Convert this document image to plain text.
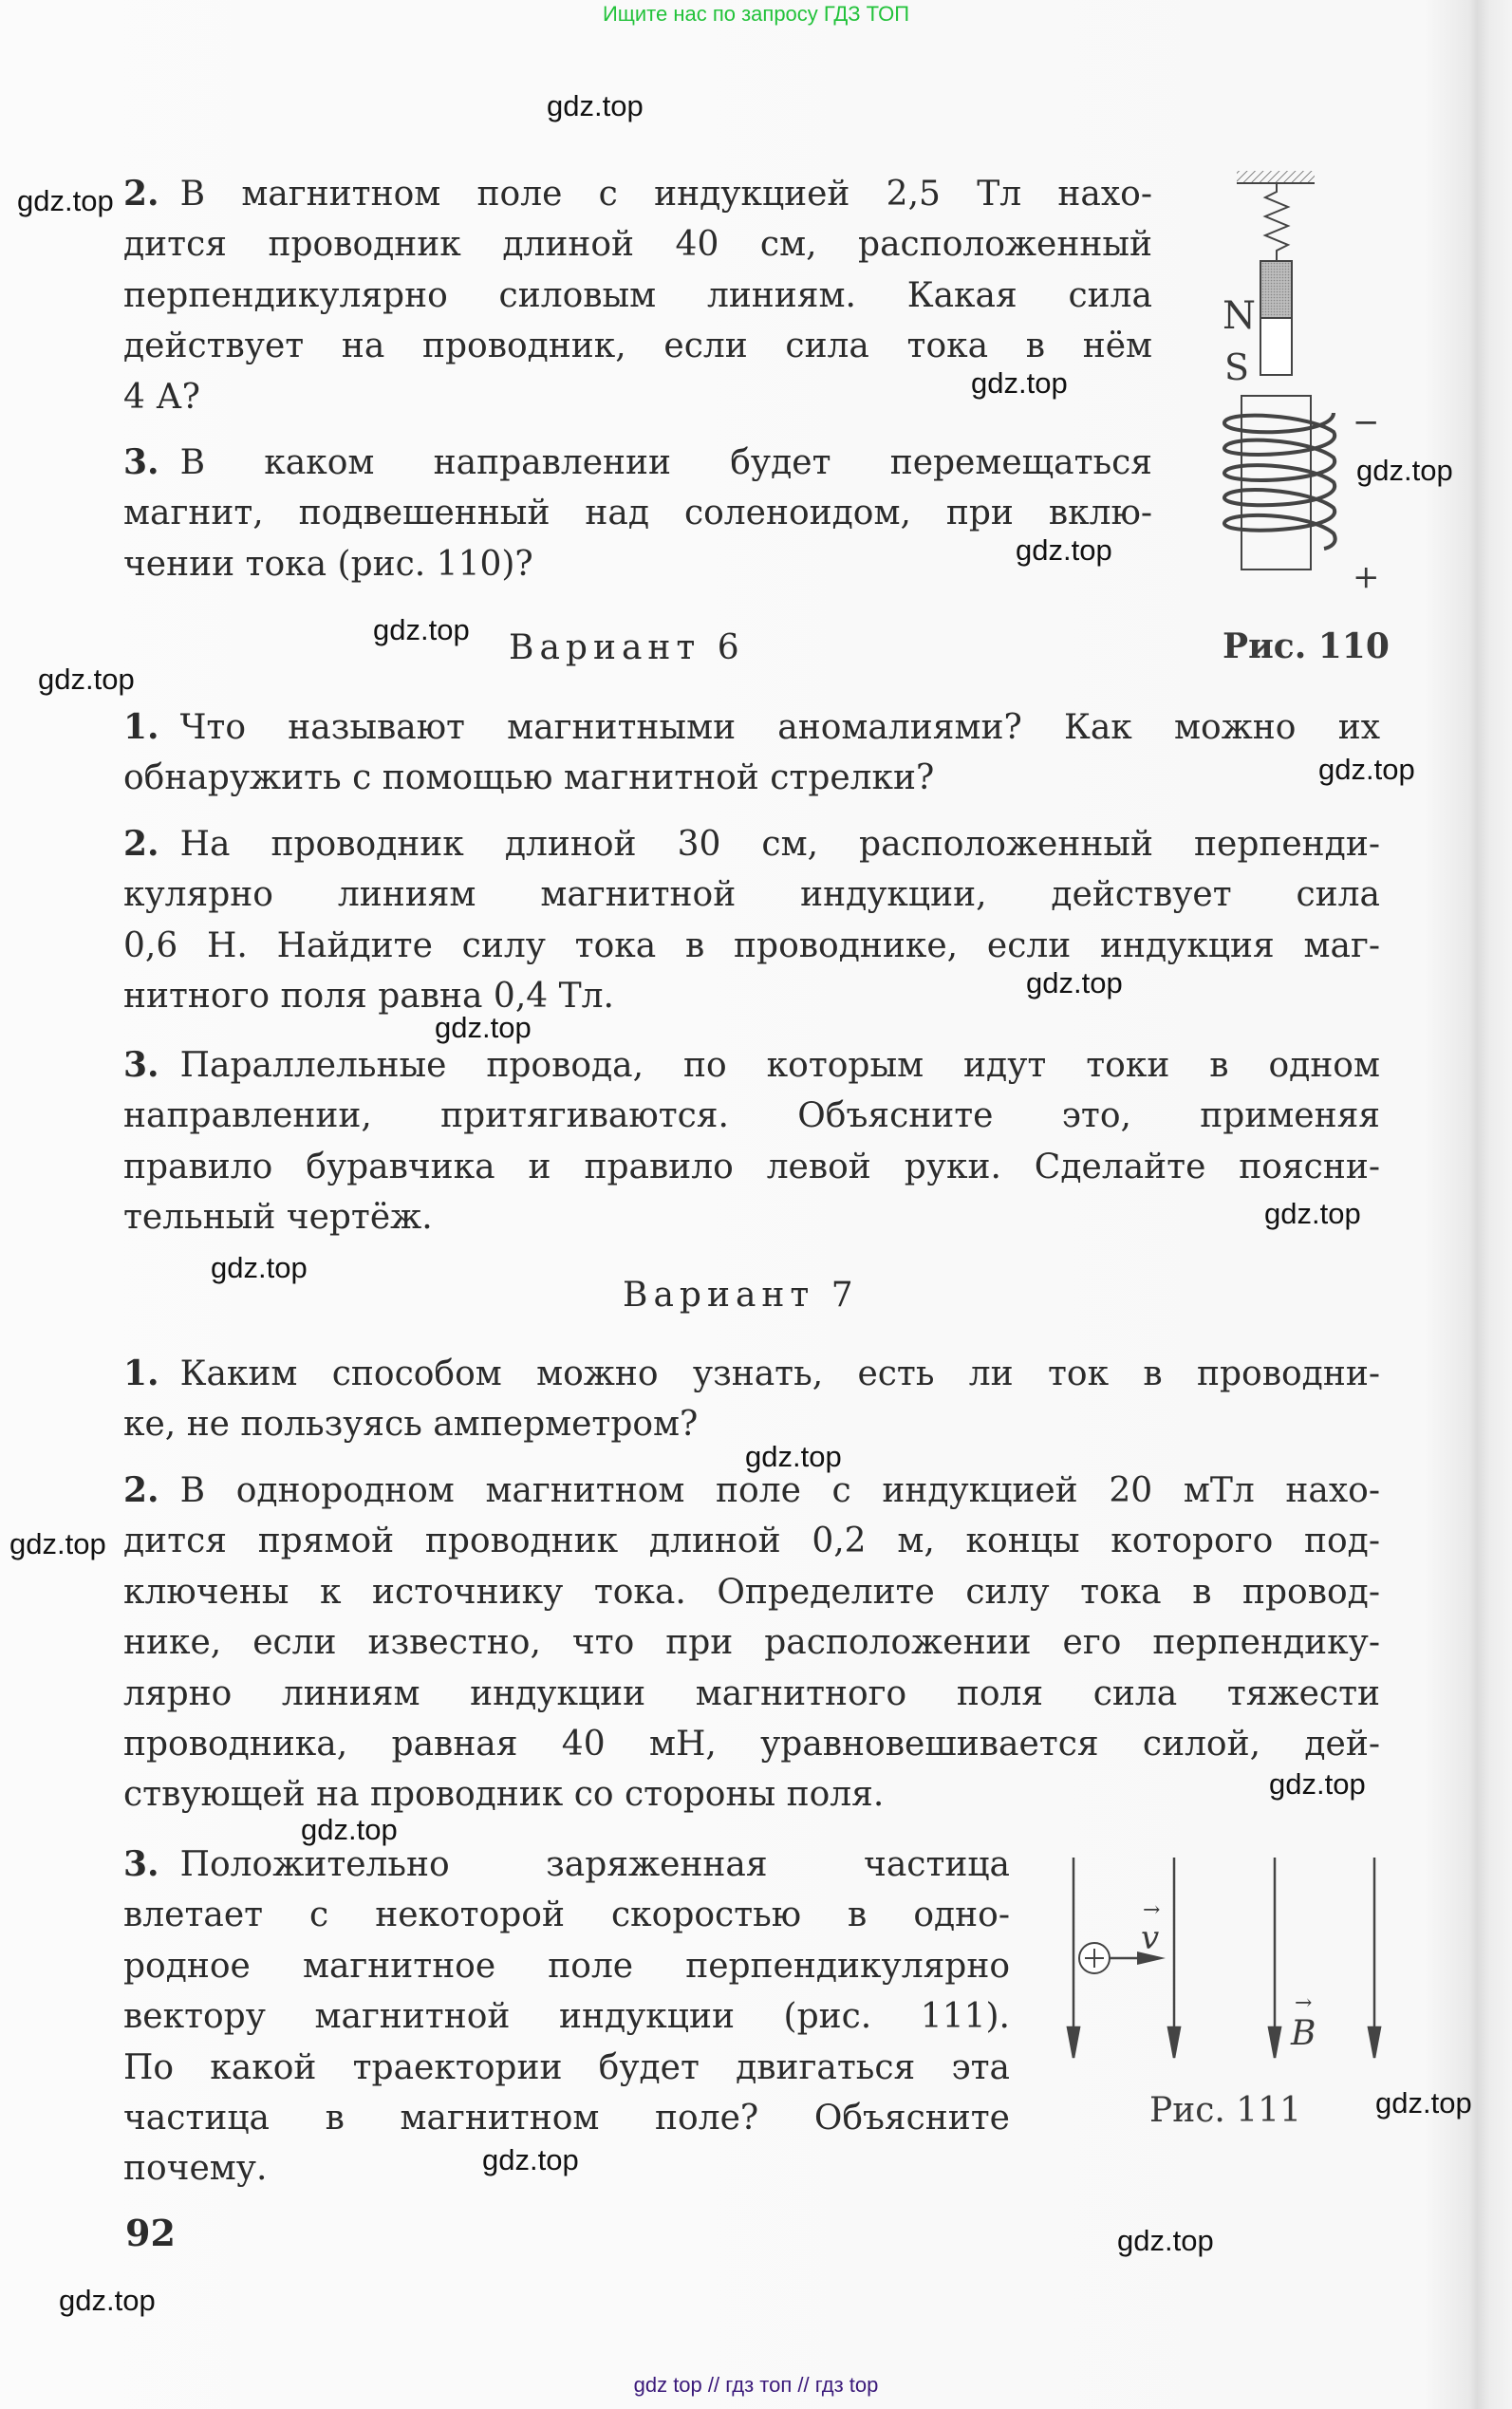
Ищите нас по запросу ГДЗ ТОП
2. В магнитном поле с индукцией 2,5 Тл нахо-
дится проводник длиной 40 см, расположенный
перпендикулярно силовым линиям. Какая сила
действует на проводник, если сила тока в нём
4 А?
3. В каком направлении будет перемещаться
магнит, подвешенный над соленоидом, при вклю-
чении тока (рис. 110)?
Вариант 6
1. Что называют магнитными аномалиями? Как можно их
обнаружить с помощью магнитной стрелки?
2. На проводник длиной 30 см, расположенный перпенди-
кулярно линиям магнитной индукции, действует сила
0,6 Н. Найдите силу тока в проводнике, если индукция маг-
нитного поля равна 0,4 Тл.
3. Параллельные провода, по которым идут токи в одном
направлении, притягиваются. Объясните это, применяя
правило буравчика и правило левой руки. Сделайте поясни-
тельный чертёж.
Вариант 7
1. Каким способом можно узнать, есть ли ток в проводни-
ке, не пользуясь амперметром?
2. В однородном магнитном поле с индукцией 20 мТл нахо-
дится прямой проводник длиной 0,2 м, концы которого под-
ключены к источнику тока. Определите силу тока в провод-
нике, если известно, что при расположении его перпендику-
лярно линиям индукции магнитного поля сила тяжести
проводника, равная 40 мН, уравновешивается силой, дей-
ствующей на проводник со стороны поля.
3. Положительно заряженная частица
влетает с некоторой скоростью в одно-
родное магнитное поле перпендикулярно
вектору магнитной индукции (рис. 111).
По какой траектории будет двигаться эта
частица в магнитном поле? Объясните
почему.
N
S
−
+
Рис. 110
→
v
→
B
Рис. 111
92
gdz.top
gdz.top
gdz.top
gdz.top
gdz.top
gdz.top
gdz.top
gdz.top
gdz.top
gdz.top
gdz.top
gdz.top
gdz.top
gdz.top
gdz.top
gdz.top
gdz.top
gdz.top
gdz.top
gdz.top
gdz top // гдз топ // гдз top
